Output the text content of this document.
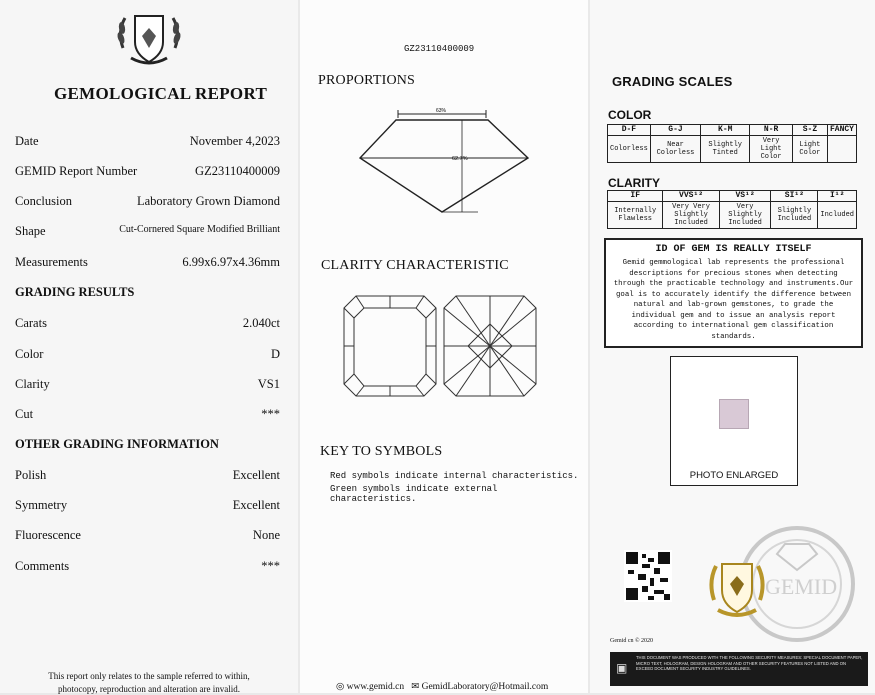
GEMOLOGICAL REPORT
This report only relates to the sample referred to within,
photocopy, reproduction and alteration are invalid.
Date	November 4,2023
GEMID Report Number	GZ23110400009
Conclusion	Laboratory Grown Diamond
Shape	Cut-Cornered Square Modified Brilliant
Measurements	6.99x6.97x4.36mm
GRADING RESULTS
Carats	2.040ct
Color	D
Clarity	VS1
Cut	***
OTHER GRADING INFORMATION
Polish	Excellent
Symmetry	Excellent
Fluorescence	None
Comments	***
GZ23110400009
PROPORTIONS
63%
62.7%
CLARITY CHARACTERISTIC
KEY TO SYMBOLS
Red symbols indicate internal characteristics.
Green symbols indicate external characteristics.
◎ www.gemid.cn ✉ GemidLaboratory@Hotmail.com
GRADING SCALES
COLOR
D-F	G-J	K-M	N-R	S-Z	FANCY
Colorless	Near Colorless	Slightly Tinted	Very Light Color	Light Color	
CLARITY
IF	VVS¹²	VS¹²	SI¹²	I¹²
Internally Flawless	Very Very Slightly Included	Very Slightly Included	Slightly Included	Included
ID OF GEM IS REALLY ITSELF
Gemid gemmological lab represents the professional descriptions for precious stones when detecting through the practicable technology and instruments.Our goal is to accurately identify the difference between natural and lab-grown gemstones, to grade the individual gem and to issue an analysis report according to international gem classification standards.
PHOTO ENLARGED
GEMID
Gemid cn © 2020
▣
THIS DOCUMENT WAS PRODUCED WITH THE FOLLOWING SECURITY MEASURES: SPECIAL DOCUMENT PAPER, MICRO TEXT, HOLOGRAM, DESIGN HOLOGRAM AND OTHER SECURITY FEATURES NOT LISTED AND ON EXCEED DOCUMENT SECURITY INDUSTRY GUIDELINES.
